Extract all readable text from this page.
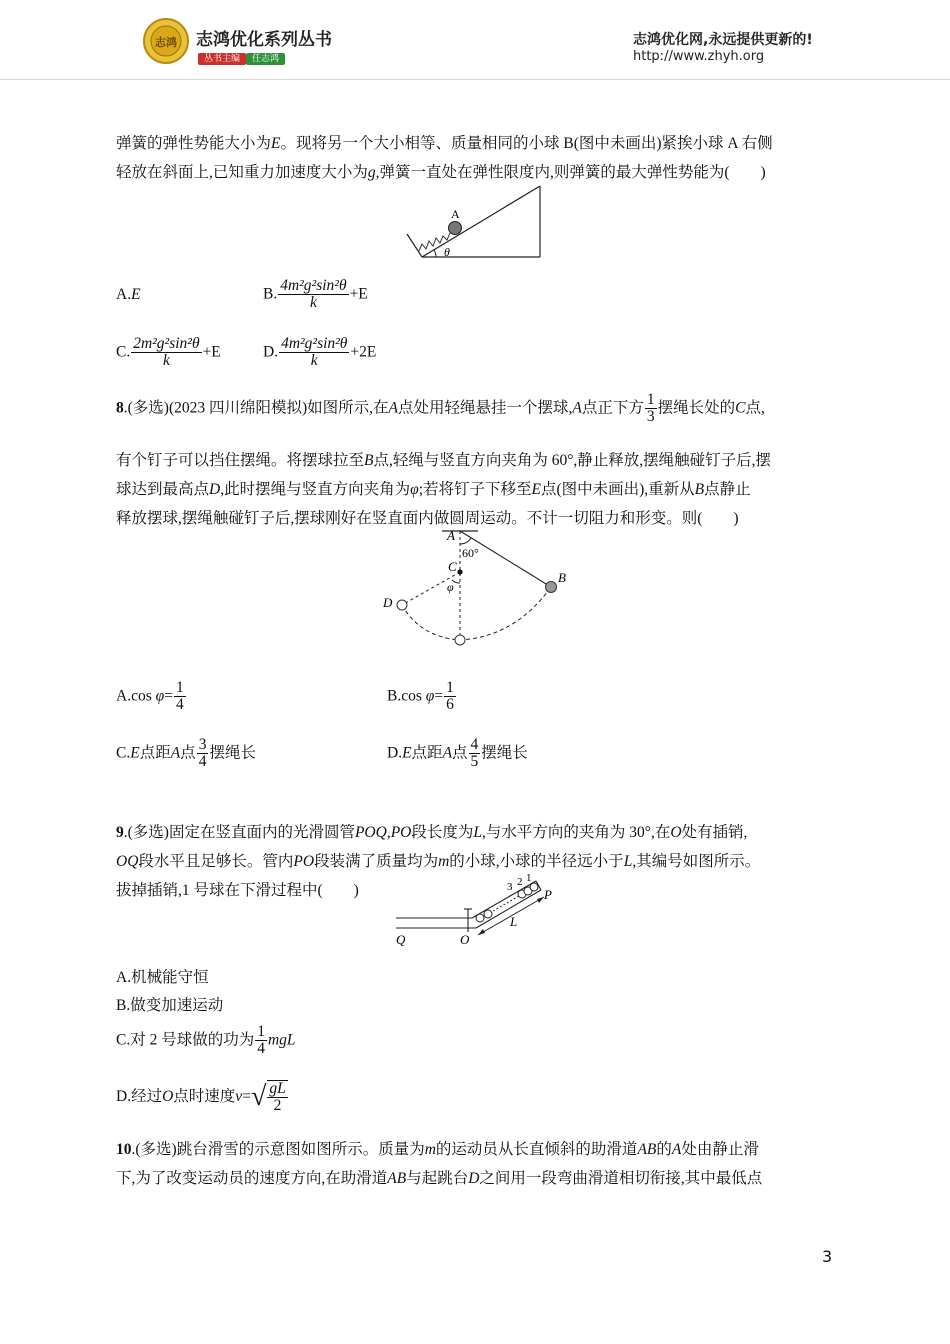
志鸿 志鸿优化系列丛书
丛书主编 任志鸿
志鸿优化网,永远提供更新的!
http://www.zhyh.org
弹簧的弹性势能大小为E。现将另一个大小相等、质量相同的小球 B(图中未画出)紧挨小球 A 右侧
轻放在斜面上,已知重力加速度大小为g,弹簧一直处在弹性限度内,则弹簧的最大弹性势能为(　　)
A
θ
A.E	B. $\frac{\text{4m²g²sin²θ}}{k} +E$
C. $\frac{\text{2m²g²sin²θ}}{k} +E$	D. $\frac{\text{4m²g²sin²θ}}{k} +2E$
8.(多选)(2023 四川绵阳模拟)如图所示,在A点处用轻绳悬挂一个摆球,A点正下方 $\frac{1}{3}$ 摆绳长处的C点,
有个钉子可以挡住摆绳。将摆球拉至B点,轻绳与竖直方向夹角为 60°,静止释放,摆绳触碰钉子后,摆
球达到最高点D,此时摆绳与竖直方向夹角为φ;若将钉子下移至E点(图中未画出),重新从B点静止
释放摆球,摆绳触碰钉子后,摆球刚好在竖直面内做圆周运动。不计一切阻力和形变。则(　　)
60°
A
C
φ
B
D
A.cos $\varphi= \frac{1}{4}$	B.cos $\varphi= \frac{1}{6}$
C.E点距A点 $\frac{3}{4}$ 摆绳长	D.E点距A点 $\frac{4}{5}$ 摆绳长
9.(多选)固定在竖直面内的光滑圆管POQ,PO段长度为L,与水平方向的夹角为 30°,在O处有插销,
OQ段水平且足够长。管内PO段装满了质量均为m的小球,小球的半径远小于L,其编号如图所示。
拔掉插销,1 号球在下滑过程中(　　)	3 2 1
L
P
Q	O
A.机械能守恒
B.做变加速运动
C.对 2 号球做的功为 $\frac{1}{4}$ mgL
D.经过O点时速度$v=√ \frac{gL}{2}$
10.(多选)跳台滑雪的示意图如图所示。质量为m的运动员从长直倾斜的助滑道AB的A处由静止滑
下,为了改变运动员的速度方向,在助滑道AB与起跳台D之间用一段弯曲滑道相切衔接,其中最低点
3
